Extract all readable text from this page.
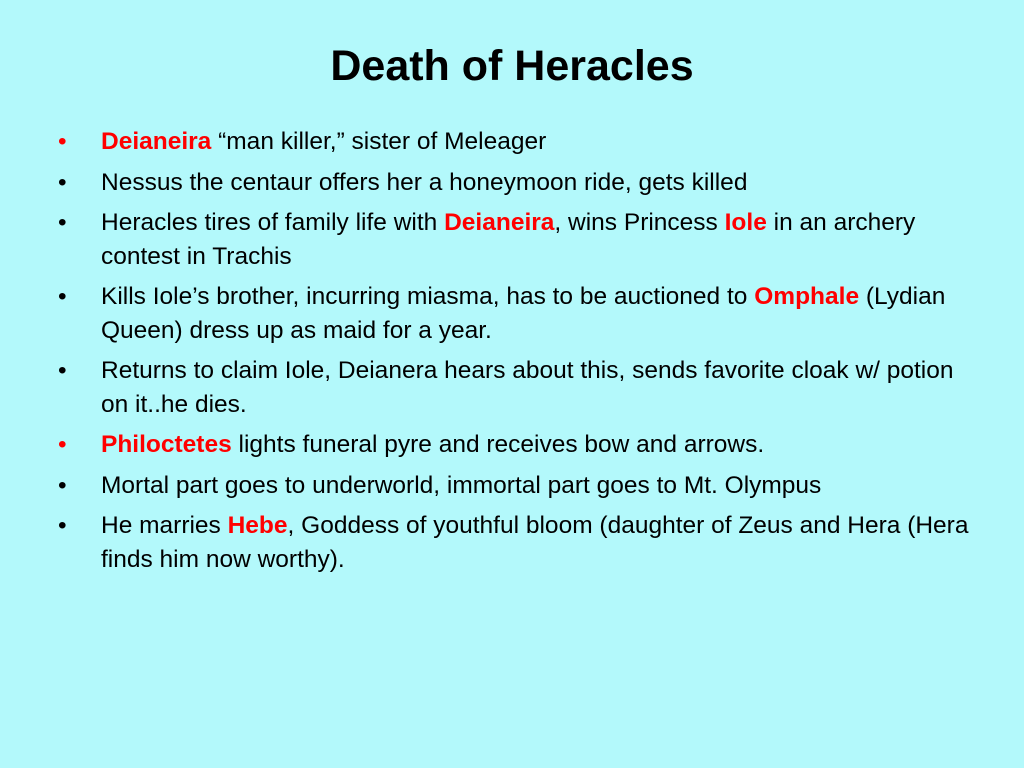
Death of Heracles
• Deianeira “man killer,” sister of Meleager
• Nessus the centaur offers her a honeymoon ride, gets killed
• Heracles tires of family life with Deianeira, wins Princess Iole in an archery contest in Trachis
• Kills Iole’s brother, incurring miasma, has to be auctioned to Omphale (Lydian Queen) dress up as maid for a year.
• Returns to claim Iole, Deianera hears about this, sends favorite cloak w/ potion on it..he dies.
• Philoctetes lights funeral pyre and receives bow and arrows.
• Mortal part goes to underworld, immortal part goes to Mt. Olympus
• He marries Hebe, Goddess of youthful bloom (daughter of Zeus and Hera (Hera finds him now worthy).
